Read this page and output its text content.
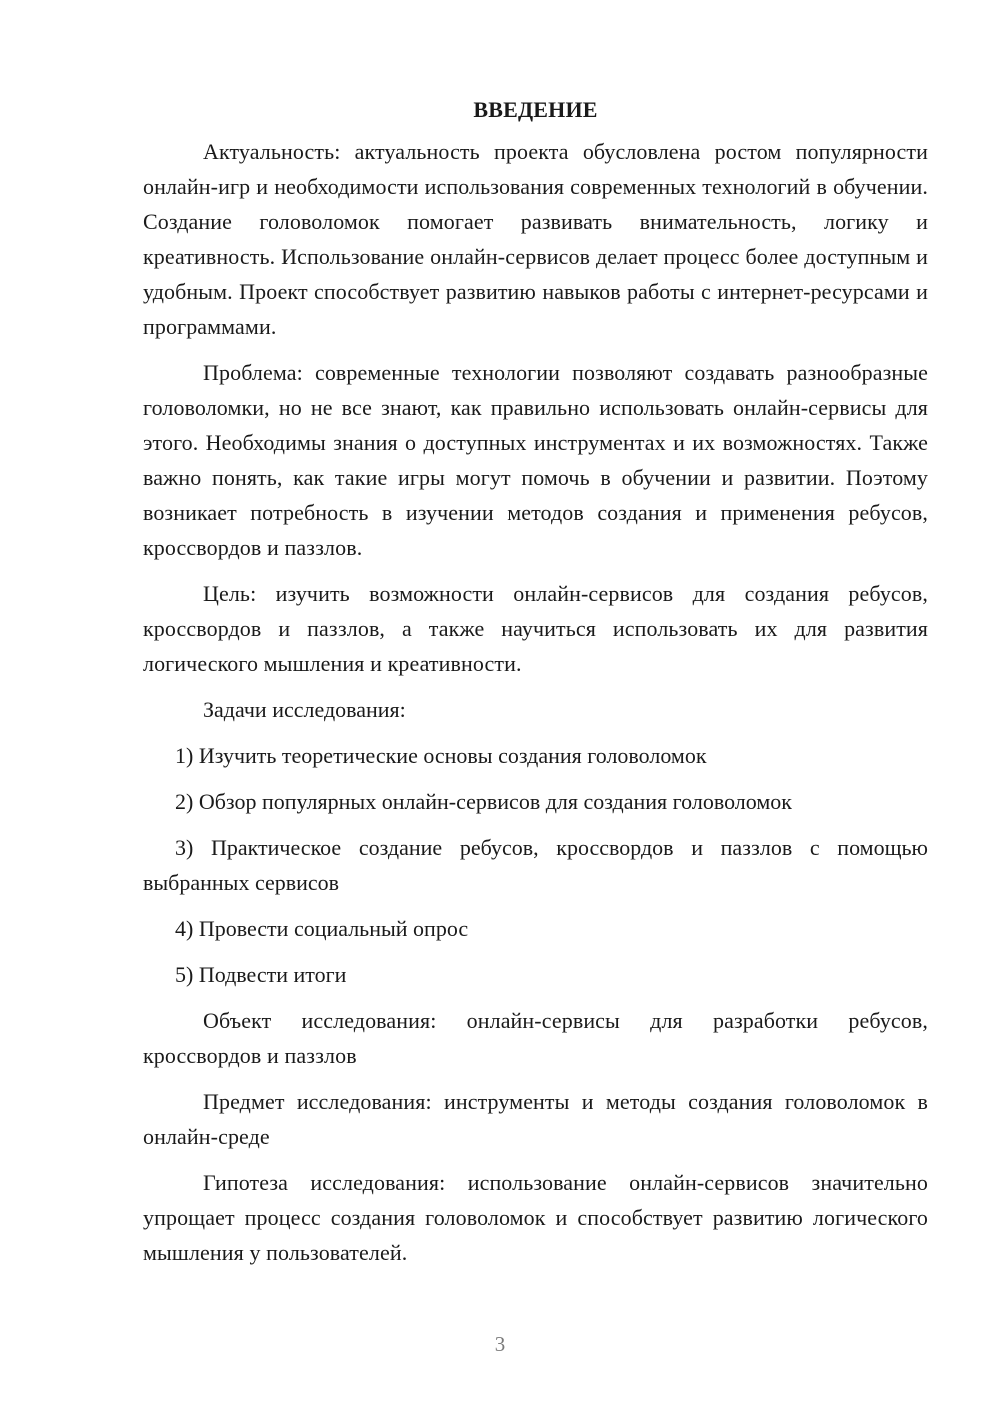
ВВЕДЕНИЕ

Актуальность: актуальность проекта обусловлена ростом популярности онлайн-игр и необходимости использования современных технологий в обучении. Создание головоломок помогает развивать внимательность, логику и креативность. Использование онлайн-сервисов делает процесс более доступным и удобным. Проект способствует развитию навыков работы с интернет-ресурсами и программами.

Проблема: современные технологии позволяют создавать разнообразные головоломки, но не все знают, как правильно использовать онлайн-сервисы для этого. Необходимы знания о доступных инструментах и их возможностях. Также важно понять, как такие игры могут помочь в обучении и развитии. Поэтому возникает потребность в изучении методов создания и применения ребусов, кроссвордов и паззлов.

Цель: изучить возможности онлайн-сервисов для создания ребусов, кроссвордов и паззлов, а также научиться использовать их для развития логического мышления и креативности.

Задачи исследования:

1) Изучить теоретические основы создания головоломок
2) Обзор популярных онлайн-сервисов для создания головоломок
3) Практическое создание ребусов, кроссвордов и паззлов с помощью выбранных сервисов
4) Провести социальный опрос
5) Подвести итоги

Объект исследования: онлайн-сервисы для разработки ребусов, кроссвордов и паззлов

Предмет исследования: инструменты и методы создания головоломок в онлайн-среде

Гипотеза исследования: использование онлайн-сервисов значительно упрощает процесс создания головоломок и способствует развитию логического мышления у пользователей.

3
